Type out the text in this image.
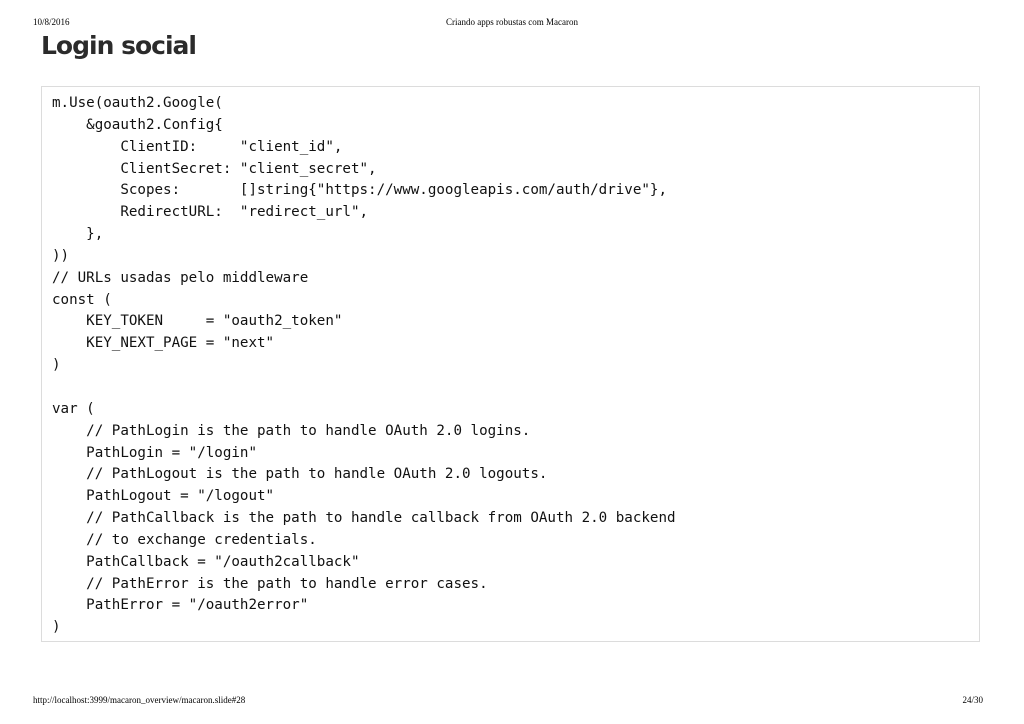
10/8/2016	Criando apps robustas com Macaron
Login social
m.Use(oauth2.Google(
&goauth2.Config{
ClientID:     "client_id",
ClientSecret: "client_secret",
Scopes:       []string{"https://www.googleapis.com/auth/drive"},
RedirectURL:  "redirect_url",
},
))
// URLs usadas pelo middleware
const (
KEY_TOKEN     = "oauth2_token"
KEY_NEXT_PAGE = "next"
)
var (
// PathLogin is the path to handle OAuth 2.0 logins.
PathLogin = "/login"
// PathLogout is the path to handle OAuth 2.0 logouts.
PathLogout = "/logout"
// PathCallback is the path to handle callback from OAuth 2.0 backend
// to exchange credentials.
PathCallback = "/oauth2callback"
// PathError is the path to handle error cases.
PathError = "/oauth2error"
)
http://localhost:3999/macaron_overview/macaron.slide#28	24/30
